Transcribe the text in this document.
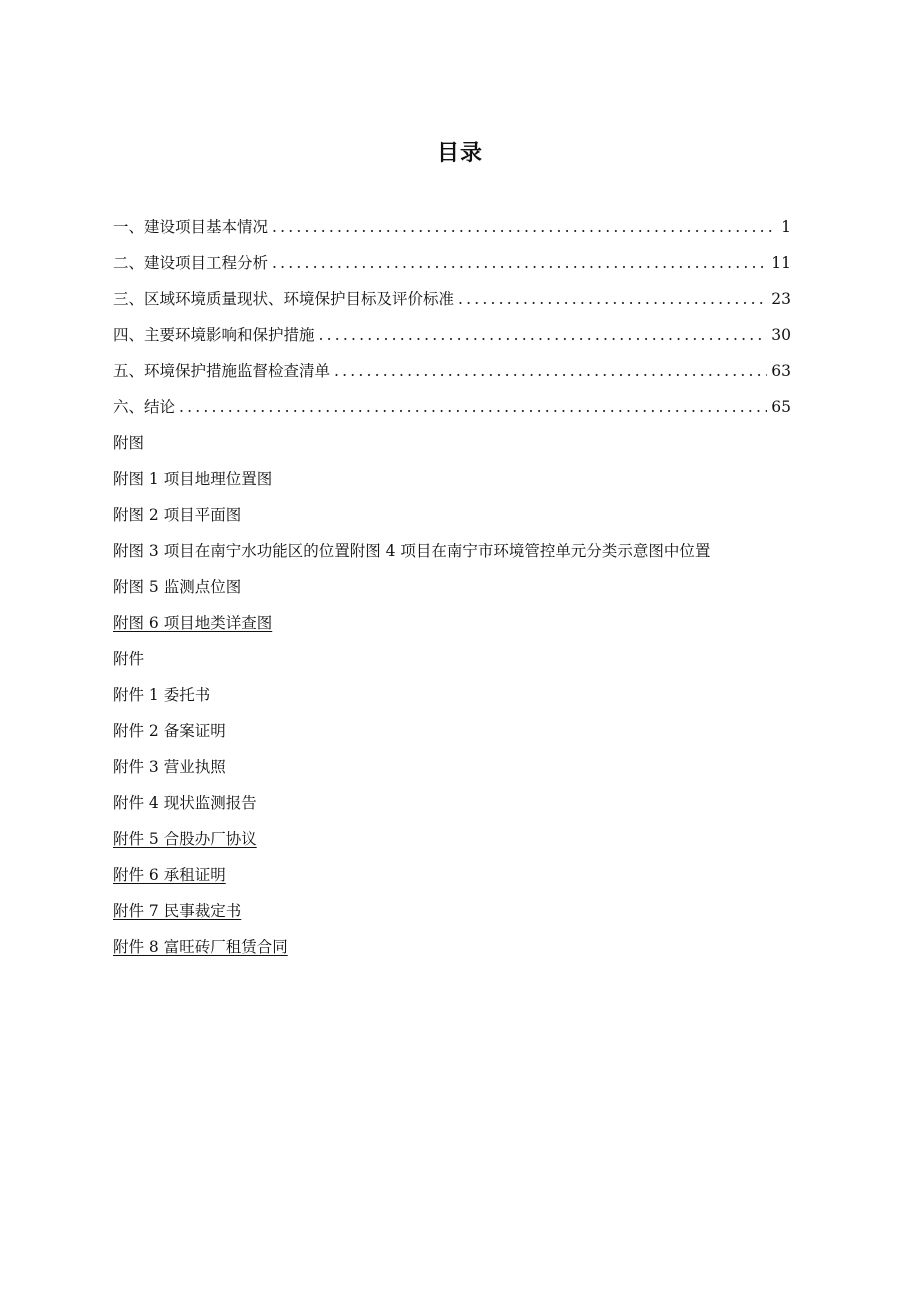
目录
一、建设项目基本情况 .....	1
二、建设项目工程分析 .....	11
三、区域环境质量现状、环境保护目标及评价标准 .....	23
四、主要环境影响和保护措施 .....	30
五、环境保护措施监督检查清单 .....	63
六、结论 .....	65
附图
附图 1 项目地理位置图
附图 2 项目平面图
附图 3 项目在南宁水功能区的位置附图 4 项目在南宁市环境管控单元分类示意图中位置
附图 5 监测点位图
附图 6 项目地类详查图
附件
附件 1 委托书
附件 2 备案证明
附件 3 营业执照
附件 4 现状监测报告
附件 5 合股办厂协议
附件 6 承租证明
附件 7 民事裁定书
附件 8 富旺砖厂租赁合同
